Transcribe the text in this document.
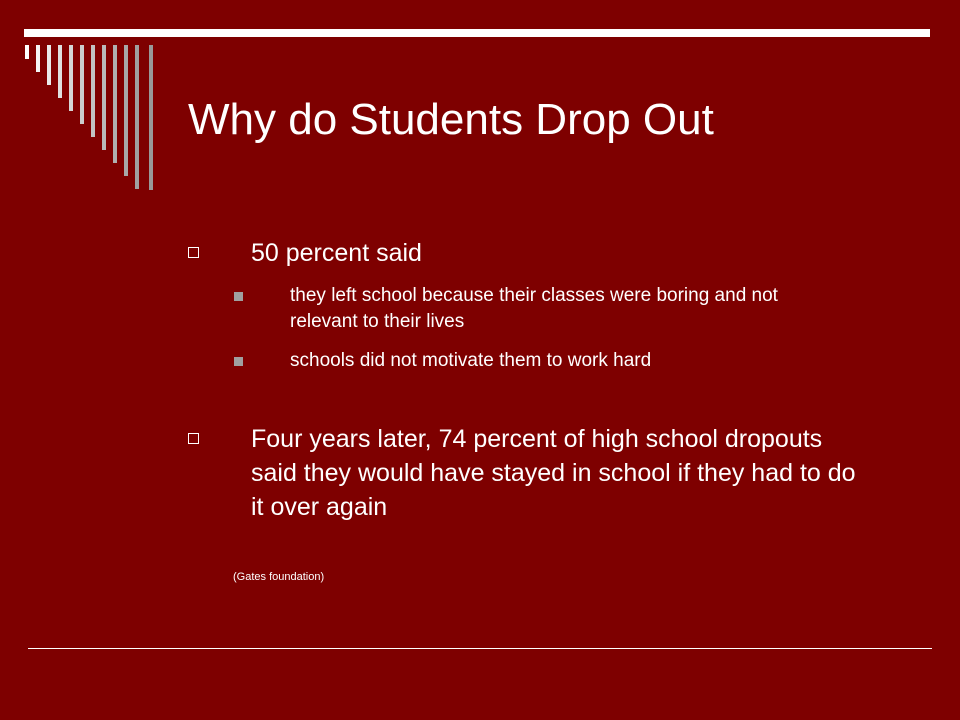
Why do Students Drop Out
50 percent said
they left school because their classes were boring and not relevant to their lives
schools did not motivate them to work hard
Four years later, 74 percent of high school dropouts said they would have stayed in school if they had to do it over again
(Gates foundation)
